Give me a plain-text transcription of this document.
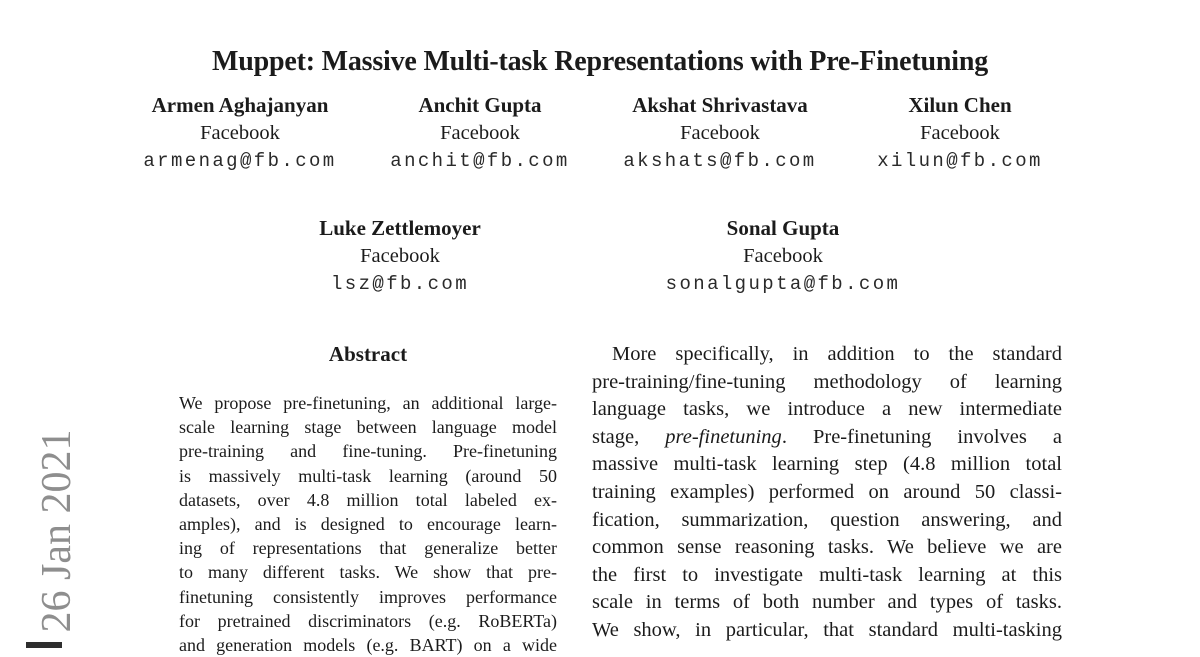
26 Jan 2021
Muppet: Massive Multi-task Representations with Pre-Finetuning
Armen Aghajanyan
Facebook
armenag@fb.com
Anchit Gupta
Facebook
anchit@fb.com
Akshat Shrivastava
Facebook
akshats@fb.com
Xilun Chen
Facebook
xilun@fb.com
Luke Zettlemoyer
Facebook
lsz@fb.com
Sonal Gupta
Facebook
sonalgupta@fb.com
Abstract
We propose pre-finetuning, an additional large-
scale learning stage between language model
pre-training and fine-tuning. Pre-finetuning
is massively multi-task learning (around 50
datasets, over 4.8 million total labeled ex-
amples), and is designed to encourage learn-
ing of representations that generalize better
to many different tasks. We show that pre-
finetuning consistently improves performance
for pretrained discriminators (e.g. RoBERTa)
and generation models (e.g. BART) on a wide
More specifically, in addition to the standard
pre-training/fine-tuning methodology of learning
language tasks, we introduce a new intermediate
stage, pre-finetuning. Pre-finetuning involves a
massive multi-task learning step (4.8 million total
training examples) performed on around 50 classi-
fication, summarization, question answering, and
common sense reasoning tasks. We believe we are
the first to investigate multi-task learning at this
scale in terms of both number and types of tasks.
We show, in particular, that standard multi-tasking
